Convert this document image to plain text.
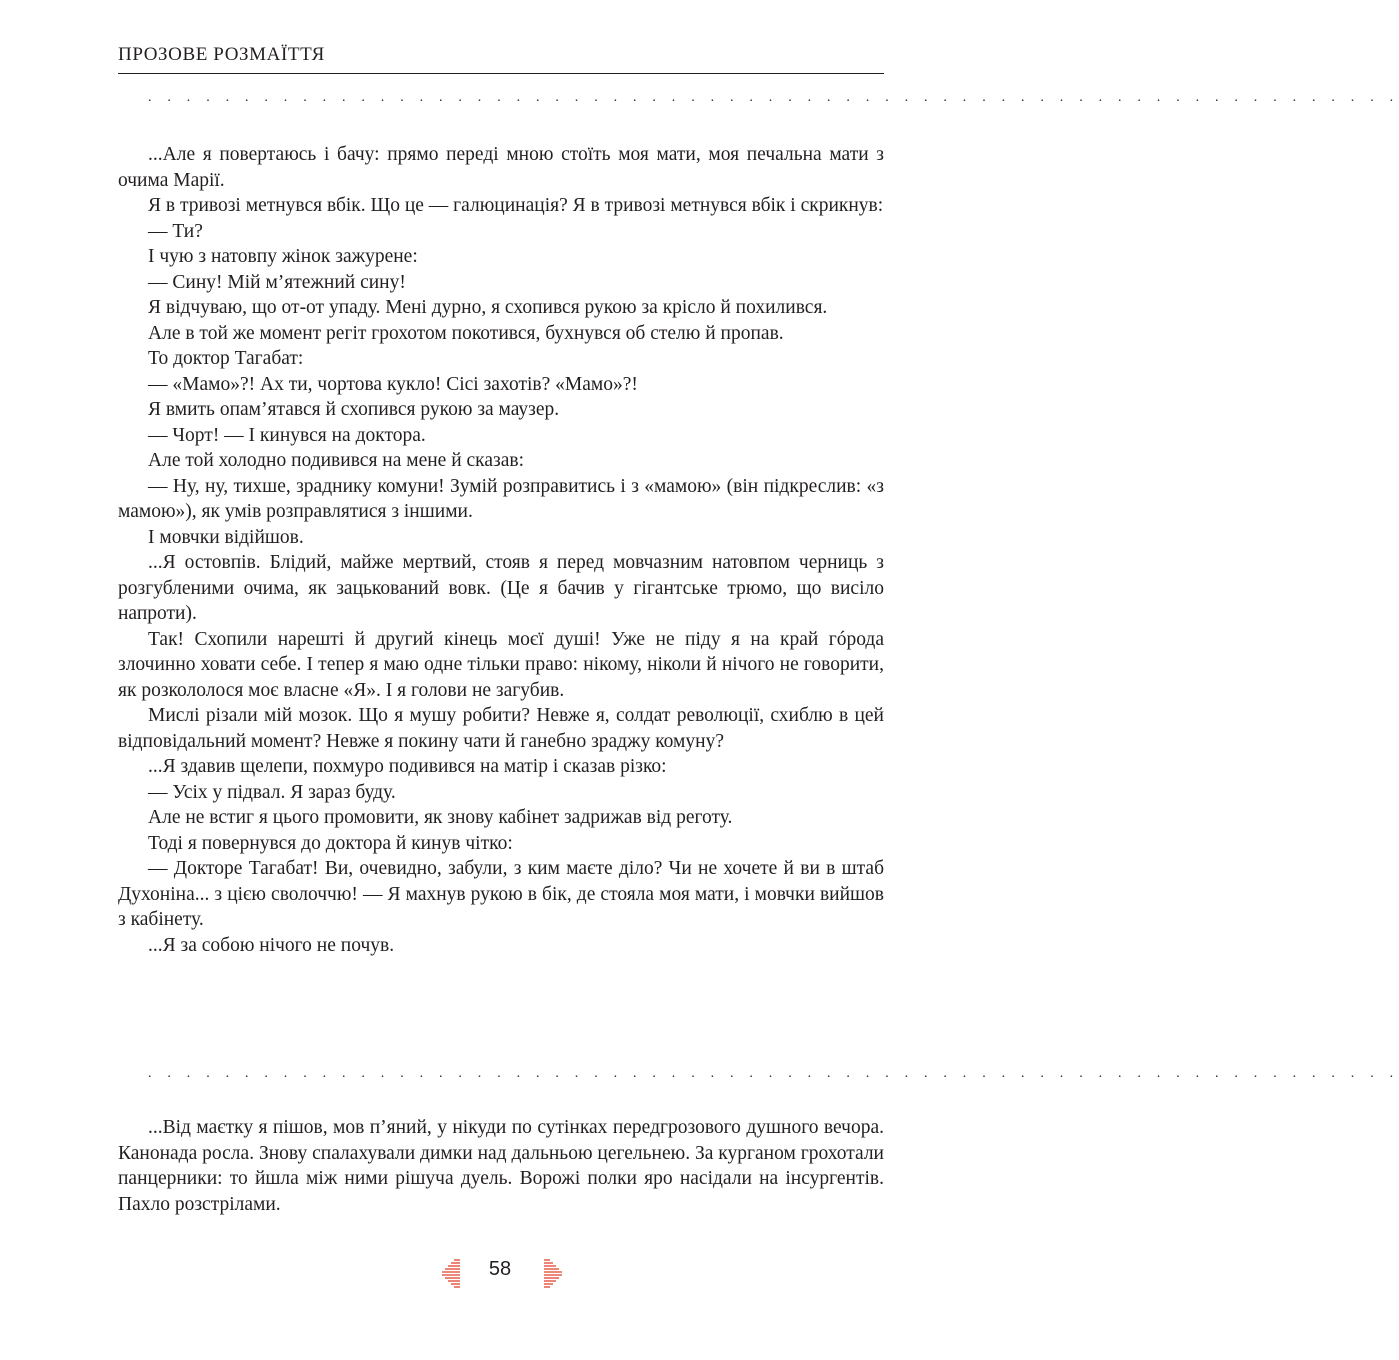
ПРОЗОВЕ РОЗМАЇТТЯ
. . . . . . . . . . . . . . . . . . . . . . . . . . . . . . . . . . . . . . . . . . . . . . . . . . . . . . . . . . . . . . . . .

...Але я повертаюсь і бачу: прямо переді мною стоїть моя мати, моя печальна мати з очима Марії.

Я в тривозі метнувся вбік. Що це — галюцинація? Я в тривозі метнувся вбік і скрикнув:

— Ти?

І чую з натовпу жінок зажурене:

— Сину! Мій м’ятежний сину!

Я відчуваю, що от-от упаду. Мені дурно, я схопився рукою за крісло й похилився.

Але в той же момент регіт грохотом покотився, бухнувся об стелю й пропав.

То доктор Тагабат:

— «Мамо»?! Ах ти, чортова кукло! Сісі захотів? «Мамо»?!

Я вмить опам’ятався й схопився рукою за маузер.

— Чорт! — І кинувся на доктора.

Але той холодно подивився на мене й сказав:

— Ну, ну, тихше, зраднику комуни! Зумій розправитись і з «мамою» (він підкреслив: «з мамою»), як умів розправлятися з іншими.

І мовчки відійшов.

...Я остовпів. Блідий, майже мертвий, стояв я перед мовчазним натовпом черниць з розгубленими очима, як зацькований вовк. (Це я бачив у гігантське трюмо, що висіло напроти).

Так! Схопили нарешті й другий кінець моєї душі! Уже не піду я на край гóрода злочинно ховати себе. І тепер я маю одне тільки право: нікому, ніколи й нічого не говорити, як розкололося моє власне «Я». І я голови не загубив.

Мислі різали мій мозок. Що я мушу робити? Невже я, солдат революції, схиблю в цей відповідальний момент? Невже я покину чати й ганебно зраджу комуну?

...Я здавив щелепи, похмуро подивився на матір і сказав різко:

— Усіх у підвал. Я зараз буду.

Але не встиг я цього промовити, як знову кабінет задрижав від реготу.

Тоді я повернувся до доктора й кинув чітко:

— Докторе Тагабат! Ви, очевидно, забули, з ким маєте діло? Чи не хочете й ви в штаб Духоніна... з цією сволоччю! — Я махнув рукою в бік, де стояла моя мати, і мовчки вийшов з кабінету.

...Я за собою нічого не почув.

. . . . . . . . . . . . . . . . . . . . . . . . . . . . . . . . . . . . . . . . . . . . . . . . . . . . . . . . . . . . . . . . .

...Від маєтку я пішов, мов п’яний, у нікуди по сутінках передгрозового душного вечора. Канонада росла. Знову спалахували димки над дальньою цегельнею. За курганом грохотали панцерники: то йшла між ними рішуча дуель. Ворожі полки яро насідали на інсургентів. Пахло розстрілами.

58
